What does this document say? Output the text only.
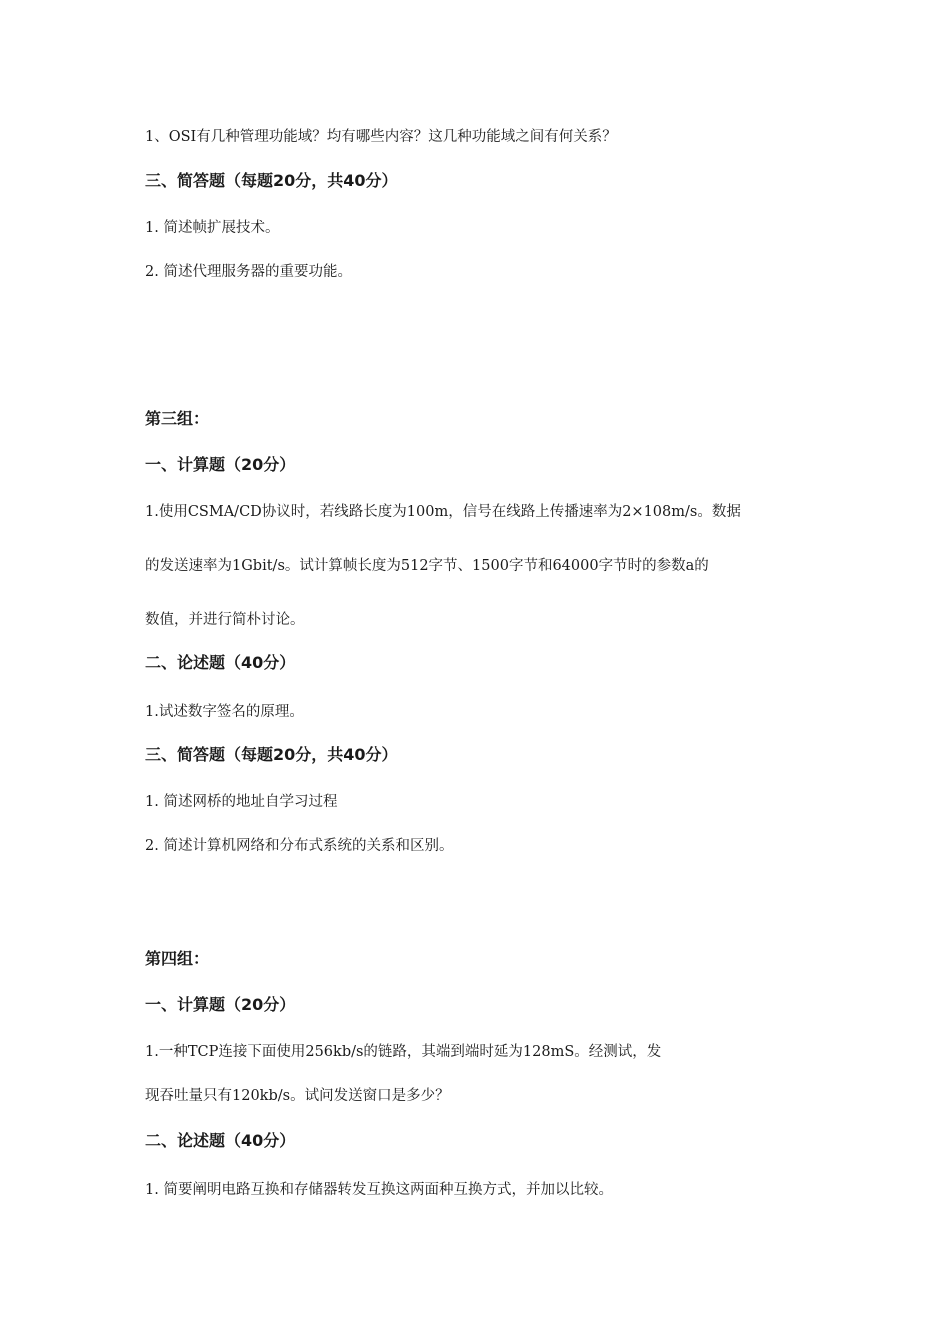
1、OSI有几种管理功能域？均有哪些内容？这几种功能域之间有何关系？
三、简答题（每题20分，共40分）
1. 简述帧扩展技术。
2. 简述代理服务器的重要功能。
第三组：
一、计算题（20分）
1.使用CSMA/CD协议时，若线路长度为100m，信号在线路上传播速率为2×108m/s。数据
的发送速率为1Gbit/s。试计算帧长度为512字节、1500字节和64000字节时的参数a的
数值，并进行简朴讨论。
二、论述题（40分）
1.试述数字签名的原理。
三、简答题（每题20分，共40分）
1. 简述网桥的地址自学习过程
2. 简述计算机网络和分布式系统的关系和区别。
第四组：
一、计算题（20分）
1.一种TCP连接下面使用256kb/s的链路，其端到端时延为128mS。经测试，发
现吞吐量只有120kb/s。试问发送窗口是多少？
二、论述题（40分）
1. 简要阐明电路互换和存储器转发互换这两面种互换方式，并加以比较。
